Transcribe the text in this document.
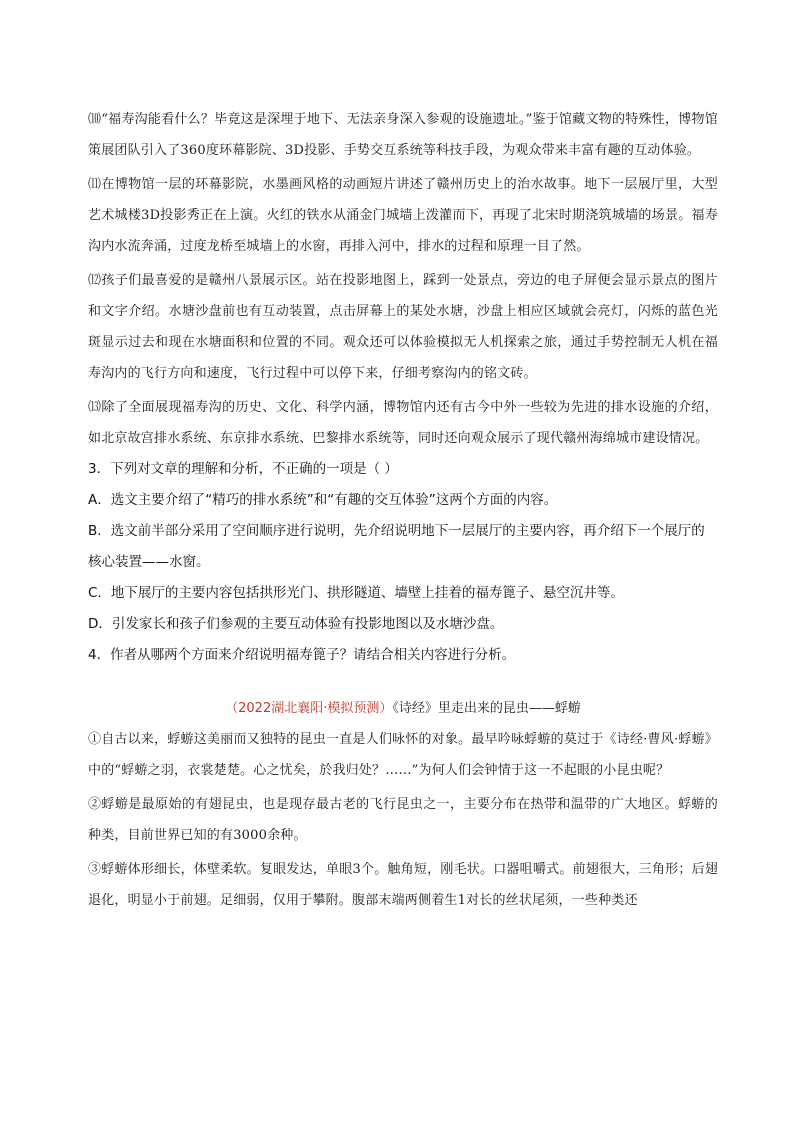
⑽“福寿沟能看什么？毕竟这是深埋于地下、无法亲身深入参观的设施遗址。”鉴于馆藏文物的特殊性，博物馆策展团队引入了360度环幕影院、3D投影、手势交互系统等科技手段，为观众带来丰富有趣的互动体验。

⑾在博物馆一层的环幕影院，水墨画风格的动画短片讲述了赣州历史上的治水故事。地下一层展厅里，大型艺术城楼3D投影秀正在上演。火红的铁水从涌金门城墙上泼灌而下，再现了北宋时期浇筑城墙的场景。福寿沟内水流奔涌，过度龙桥至城墙上的水窗，再排入河中，排水的过程和原理一目了然。

⑿孩子们最喜爱的是赣州八景展示区。站在投影地图上，踩到一处景点，旁边的电子屏便会显示景点的图片和文字介绍。水塘沙盘前也有互动装置，点击屏幕上的某处水塘，沙盘上相应区域就会亮灯，闪烁的蓝色光斑显示过去和现在水塘面积和位置的不同。观众还可以体验模拟无人机探索之旅，通过手势控制无人机在福寿沟内的飞行方向和速度，飞行过程中可以停下来，仔细考察沟内的铭文砖。

⒀除了全面展现福寿沟的历史、文化、科学内涵，博物馆内还有古今中外一些较为先进的排水设施的介绍，如北京故宫排水系统、东京排水系统、巴黎排水系统等，同时还向观众展示了现代赣州海绵城市建设情况。

3．下列对文章的理解和分析，不正确的一项是（ ）

A．选文主要介绍了“精巧的排水系统”和“有趣的交互体验”这两个方面的内容。

B．选文前半部分采用了空间顺序进行说明，先介绍说明地下一层展厅的主要内容，再介绍下一个展厅的核心装置——水窗。

C．地下展厅的主要内容包括拱形光门、拱形隧道、墙壁上挂着的福寿篦子、悬空沉井等。

D．引发家长和孩子们参观的主要互动体验有投影地图以及水塘沙盘。

4．作者从哪两个方面来介绍说明福寿篦子？请结合相关内容进行分析。

（2022湖北襄阳·模拟预测）《诗经》里走出来的昆虫——蜉蝣

①自古以来，蜉蝣这美丽而又独特的昆虫一直是人们咏怀的对象。最早吟咏蜉蝣的莫过于《诗经·曹风·蜉蝣》中的“蜉蝣之羽，衣裳楚楚。心之忧矣，於我归处？……”为何人们会钟情于这一不起眼的小昆虫呢？

②蜉蝣是最原始的有翅昆虫，也是现存最古老的飞行昆虫之一，主要分布在热带和温带的广大地区。蜉蝣的种类，目前世界已知的有3000余种。

③蜉蝣体形细长，体壁柔软。复眼发达，单眼3个。触角短，刚毛状。口器咀嚼式。前翅很大，三角形；后翅退化，明显小于前翅。足细弱，仅用于攀附。腹部末端两侧着生1对长的丝状尾须，一些种类还
